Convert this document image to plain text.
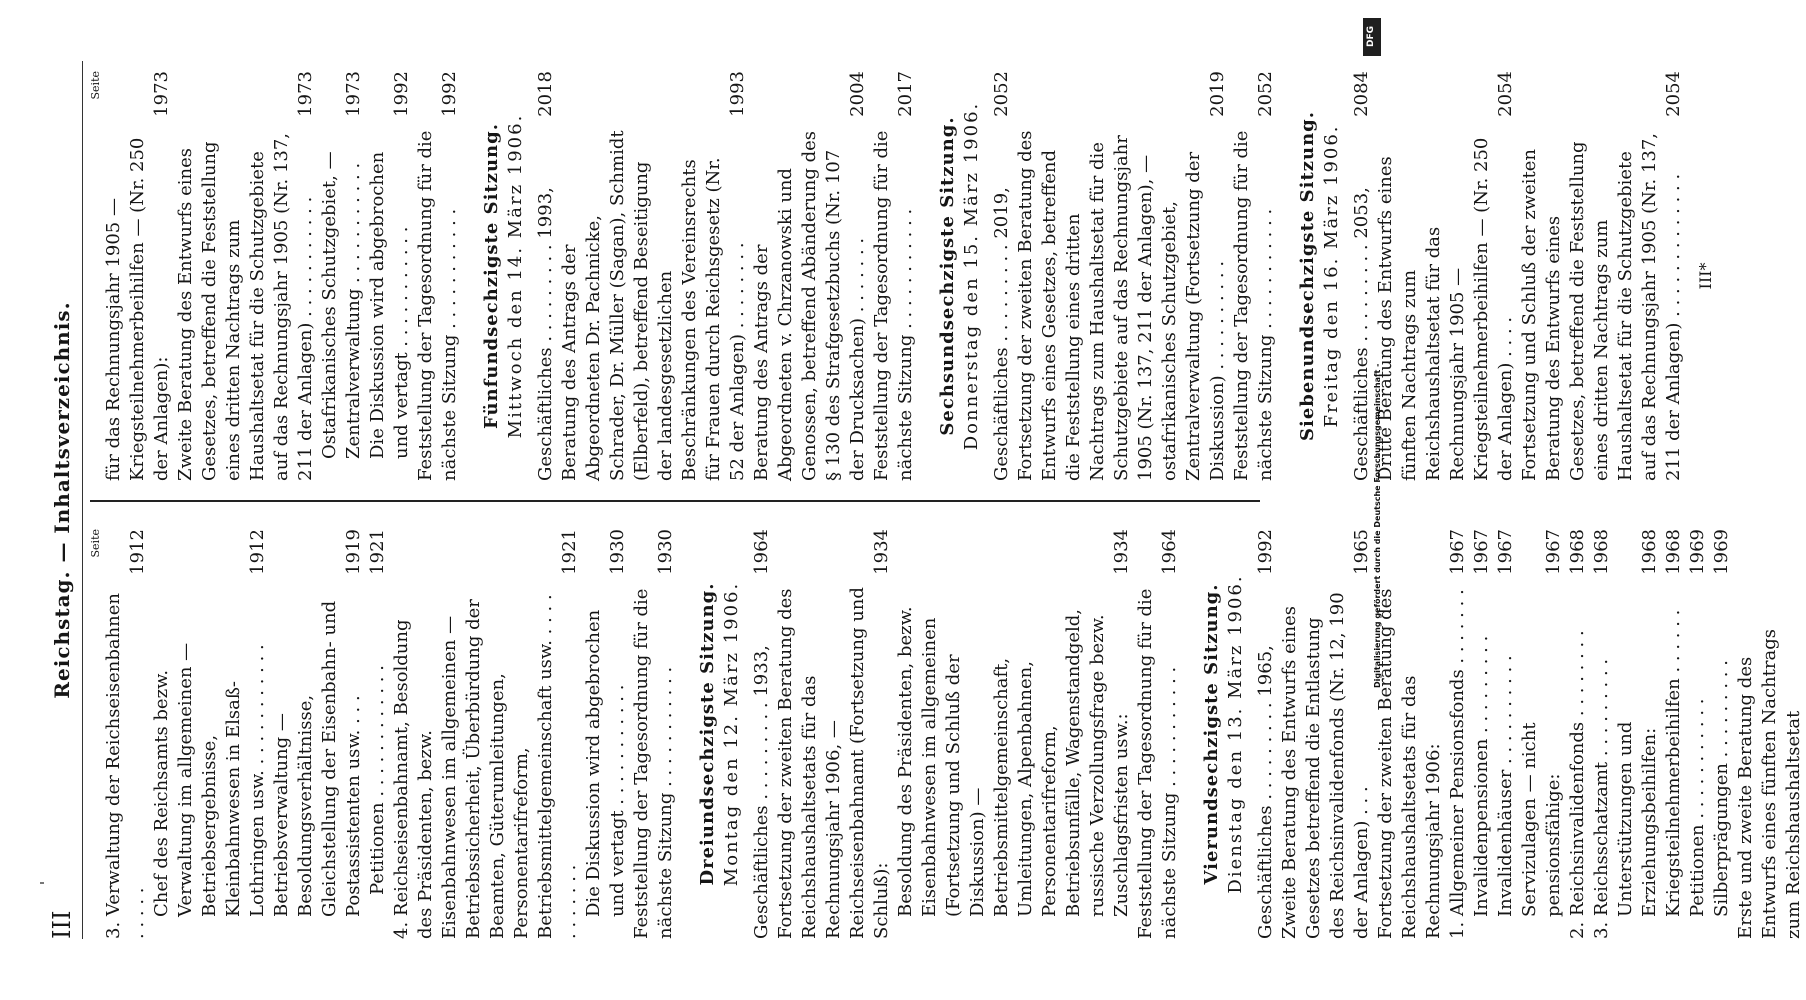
III
Reichstag. — Inhaltsverzeichnis. Seite
3. Verwaltung der Reichseisenbahnen . . . . .
1912
Chef des Reichsamts bezw. Verwaltung im allgemeinen — Betriebsergebnisse, Kleinbahnwesen in Elsaß-Lothringen usw. . . . . . . . . . . .
1912
Betriebsverwaltung — Besoldungsverhältnisse, Gleichstellung der Eisenbahn- und Postassistenten usw. . . .
1919
Petitionen . . . . . . . . . . . .
1921
4. Reichseisenbahnamt, Besoldung des Präsidenten, bezw. Eisenbahnwesen im allgemeinen — Betriebssicherheit, Überbürdung der Beamten, Güterumleitungen, Personentarifreform, Betriebsmittelgemeinschaft usw. . . . . . . . . . . .
1921
Die Diskussion wird abgebrochen und vertagt . . . . . . . . . . .
1930
Feststellung der Tagesordnung für die nächste Sitzung . . . . . . . . . . .
1930
Dreiundsechzigste Sitzung. Montag den 12. März 1906. Geschäftliches . . . . . . . . . 1933,
1964
Fortsetzung der zweiten Beratung des Reichshaushaltsetats für das Rechnungsjahr 1906, — Reichseisenbahnamt (Fortsetzung und Schluß):
1934
Besoldung des Präsidenten, bezw. Eisenbahnwesen im allgemeinen (Fortsetzung und Schluß der Diskussion) — Betriebsmittelgemeinschaft, Umleitungen, Alpenbahnen, Personentarifreform, Betriebsunfälle, Wagenstandgeld, russische Verzollungsfrage bezw. Zuschlagsfristen usw.:
1934
Feststellung der Tagesordnung für die nächste Sitzung . . . . . . . . . . .
1964
Vierundsechzigste Sitzung. Dienstag den 13. März 1906. Geschäftliches . . . . . . . . . 1965,
1992
Zweite Beratung des Entwurfs eines Gesetzes betreffend die Entlastung des Reichsinvalidenfonds (Nr. 12, 190 der Anlagen) . . .
1965
Fortsetzung der zweiten Beratung des Reichshaushaltsetats für das Rechnungsjahr 1906: 1. Allgemeiner Pensionsfonds . . . . . . .
1967
Invalidenpensionen . . . . . . . . .
1967
Invalidenhäuser . . . . . . . . . .
1967
Servizulagen — nicht pensionsfähige:
1967
2. Reichsinvalidenfonds . . . . . . . .
1968
3. Reichsschatzamt . . . . . . . . .
1968
Unterstützungen und Erziehungsbeihilfen:
1968
Kriegsteilnehmerbeihilfen . . . . . .
1968
Petitionen . . . . . . . . . . .
1969
Silberprägungen . . . . . . . . .
1969
Erste und zweite Beratung des Entwurfs eines fünften Nachtrags zum Reichshaushaltsetat
Seite
für das Rechnungsjahr 1905 — Kriegsteilnehmerbeihilfen — (Nr. 250 der Anlagen):
1973
Zweite Beratung des Entwurfs eines Gesetzes, betreffend die Feststellung eines dritten Nachtrags zum Haushaltsetat für die Schutzgebiete auf das Rechnungsjahr 1905 (Nr. 137, 211 der Anlagen) . . . . . . . . . . .
1973
Ostafrikanisches Schutzgebiet, — Zentralverwaltung . . . . . . . . . . .
1973
Die Diskussion wird abgebrochen und vertagt . . . . . . . . . . .
1992
Feststellung der Tagesordnung für die nächste Sitzung . . . . . . . . . . .
1992
Fünfundsechzigste Sitzung. Mittwoch den 14. März 1906. Geschäftliches . . . . . . . . . 1993,
2018
Beratung des Antrags der Abgeordneten Dr. Pachnicke, Schrader, Dr. Müller (Sagan), Schmidt (Elberfeld), betreffend Beseitigung der landesgesetzlichen Beschränkungen des Vereinsrechts für Frauen durch Reichsgesetz (Nr. 52 der Anlagen) . . . . . . . .
1993
Beratung des Antrags der Abgeordneten v. Chrzanowski und Genossen, betreffend Abänderung des § 130 des Strafgesetzbuchs (Nr. 107 der Drucksachen) . . . . . . .
2004
Feststellung der Tagesordnung für die nächste Sitzung . . . . . . . . . . .
2017
Sechsundsechzigste Sitzung. Donnerstag den 15. März 1906. Geschäftliches . . . . . . . . . 2019,
2052
Fortsetzung der zweiten Beratung des Entwurfs eines Gesetzes, betreffend die Feststellung eines dritten Nachtrags zum Haushaltsetat für die Schutzgebiete auf das Rechnungsjahr 1905 (Nr. 137, 211 der Anlagen), — ostafrikanisches Schutzgebiet, Zentralverwaltung (Fortsetzung der Diskussion) . . . . . . . . . .
2019
Feststellung der Tagesordnung für die nächste Sitzung . . . . . . . . . . .
2052
Siebenundsechzigste Sitzung. Freitag den 16. März 1906. Geschäftliches . . . . . . . . . 2053,
2084
Dritte Beratung des Entwurfs eines fünften Nachtrags zum Reichshaushaltsetat für das Rechnungsjahr 1905 — Kriegsteilnehmerbeihilfen — (Nr. 250 der Anlagen) . . . .
2054
Fortsetzung und Schluß der zweiten Beratung des Entwurfs eines Gesetzes, betreffend die Feststellung eines dritten Nachtrags zum Haushaltsetat für die Schutzgebiete auf das Rechnungsjahr 1905 (Nr. 137, 211 der Anlagen) . . . . . . . . . . . . .
2054
III*
DFG
Digitalisierung gefördert durch die Deutsche Forschungsgemeinschaft -
